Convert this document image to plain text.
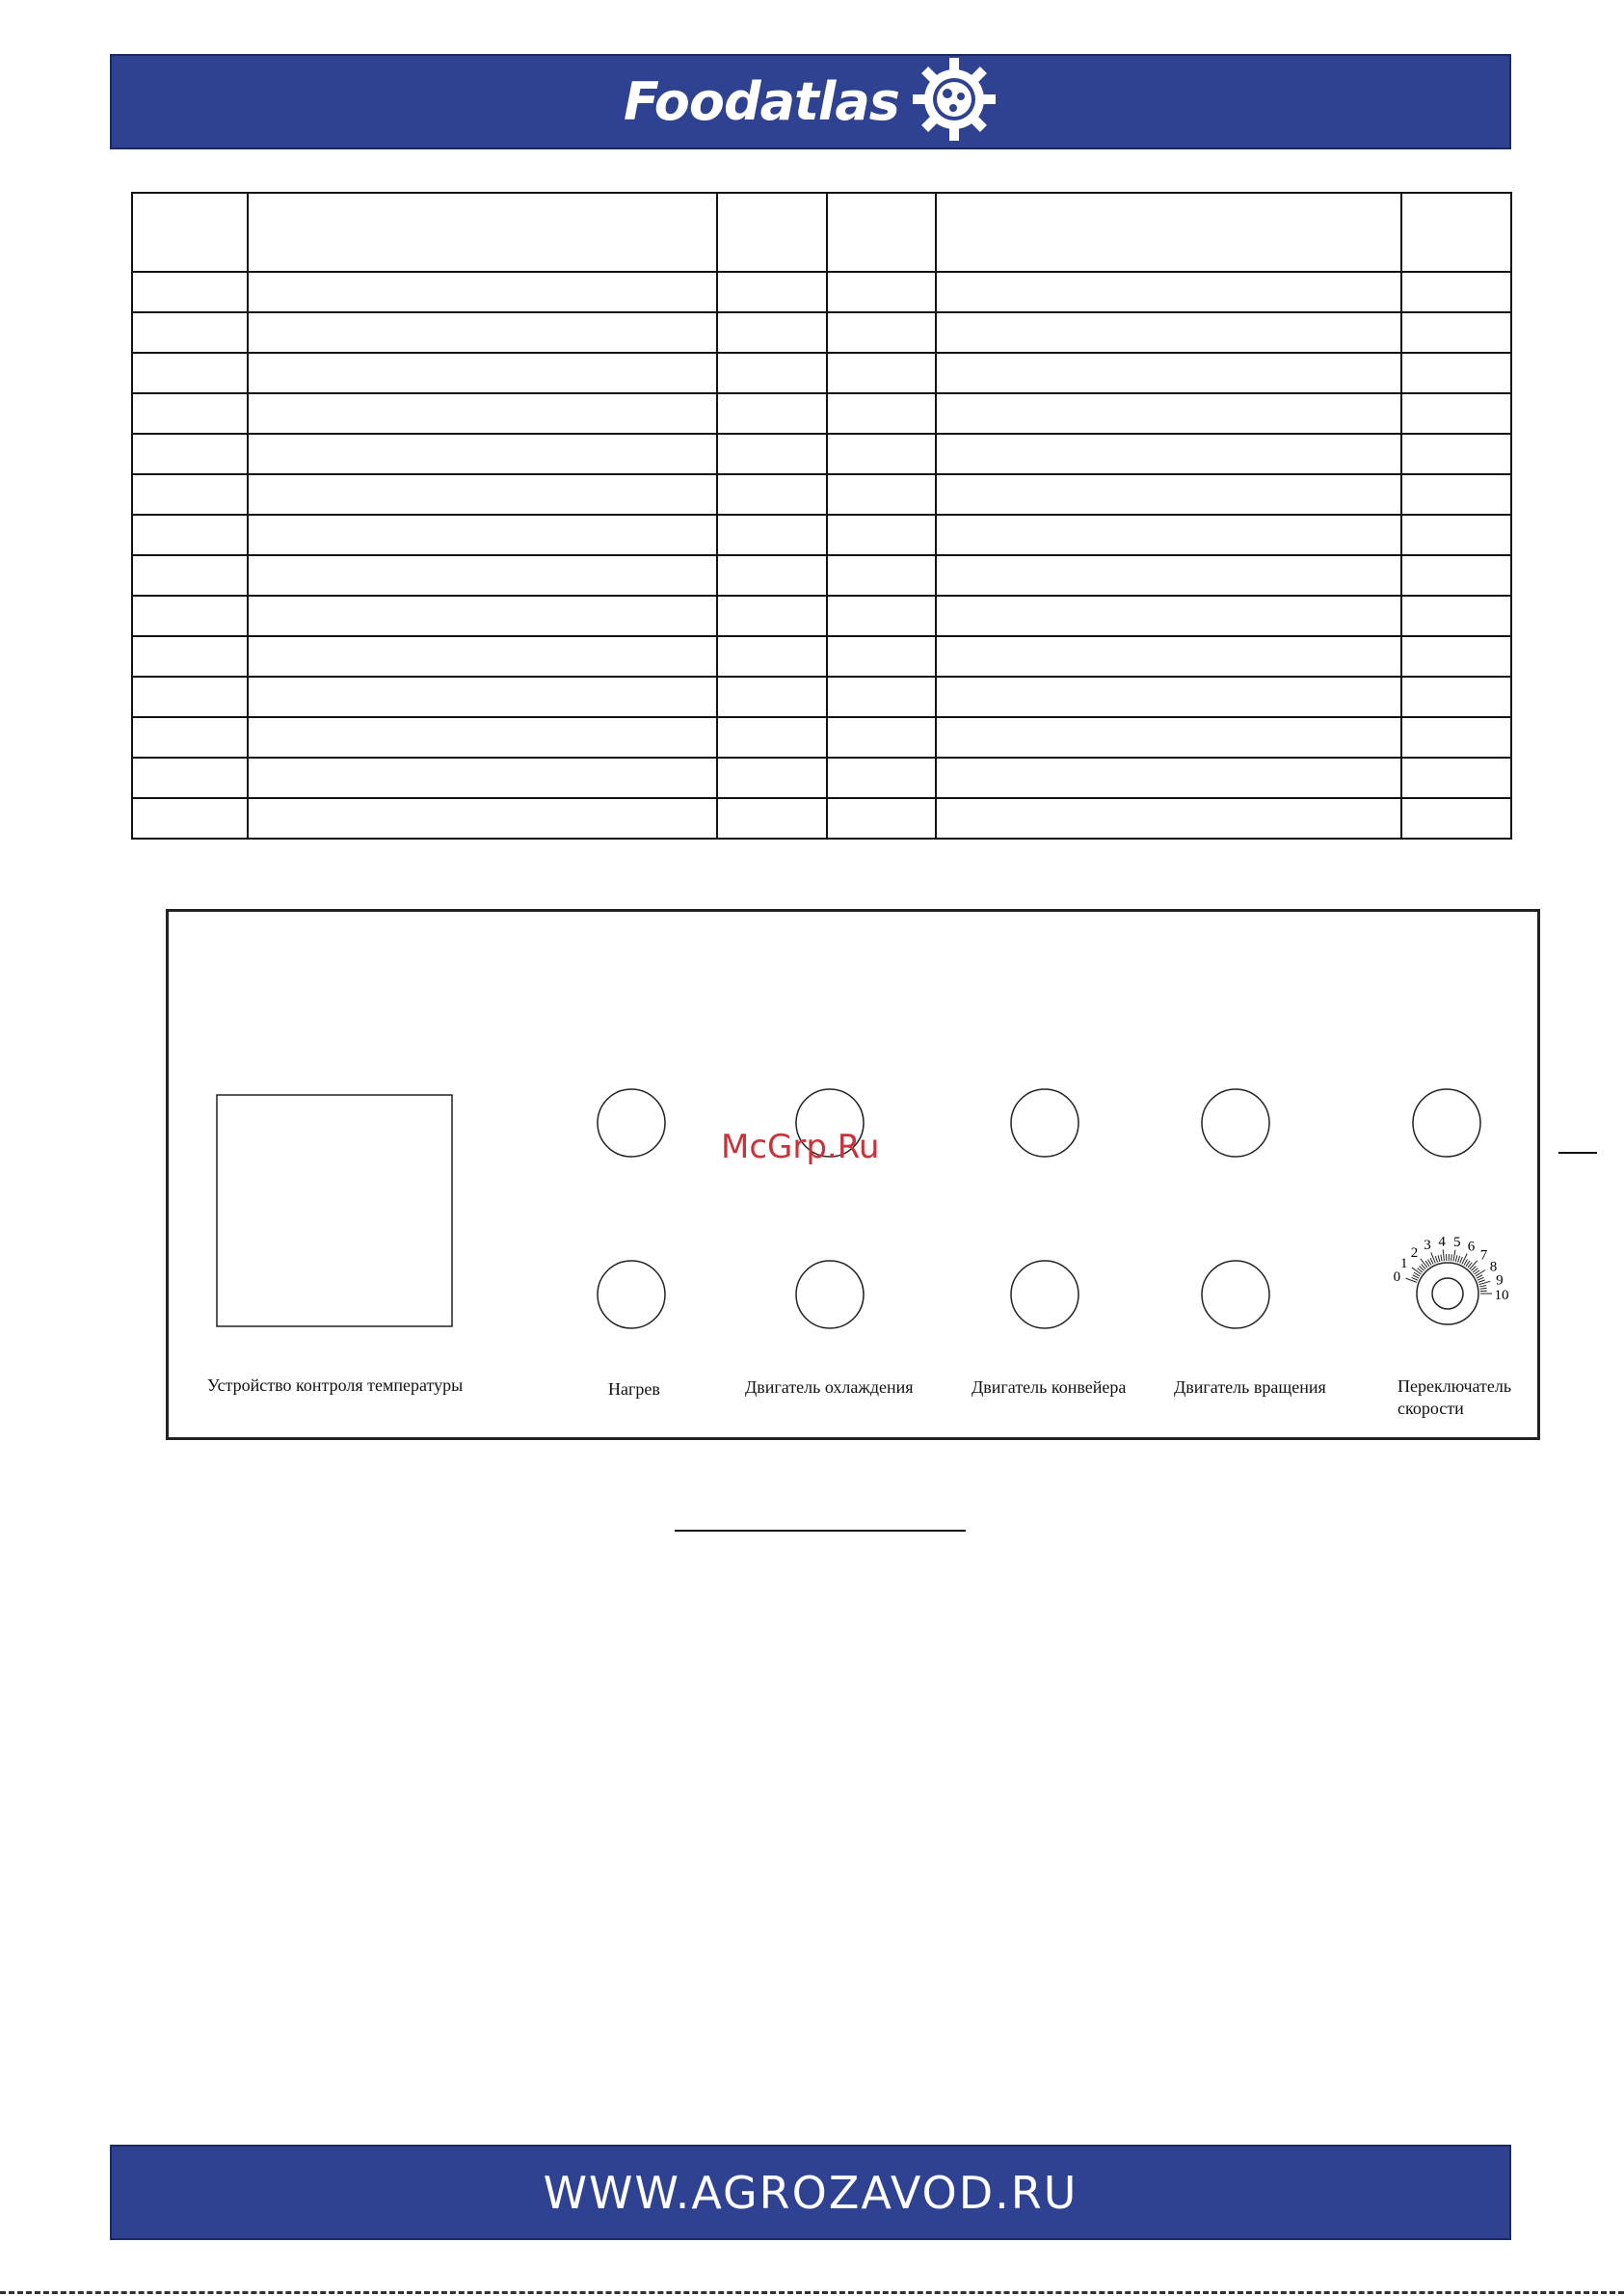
Foodatlas

0
1
2 3 4 5 6
7
8
9
10
Устройство контроля температуры	Нагрев	Двигатель охлаждения	Двигатель конвейера	Двигатель вращения	Переключатель
скорости
McGrp.Ru
WWW.AGROZAVOD.RU
